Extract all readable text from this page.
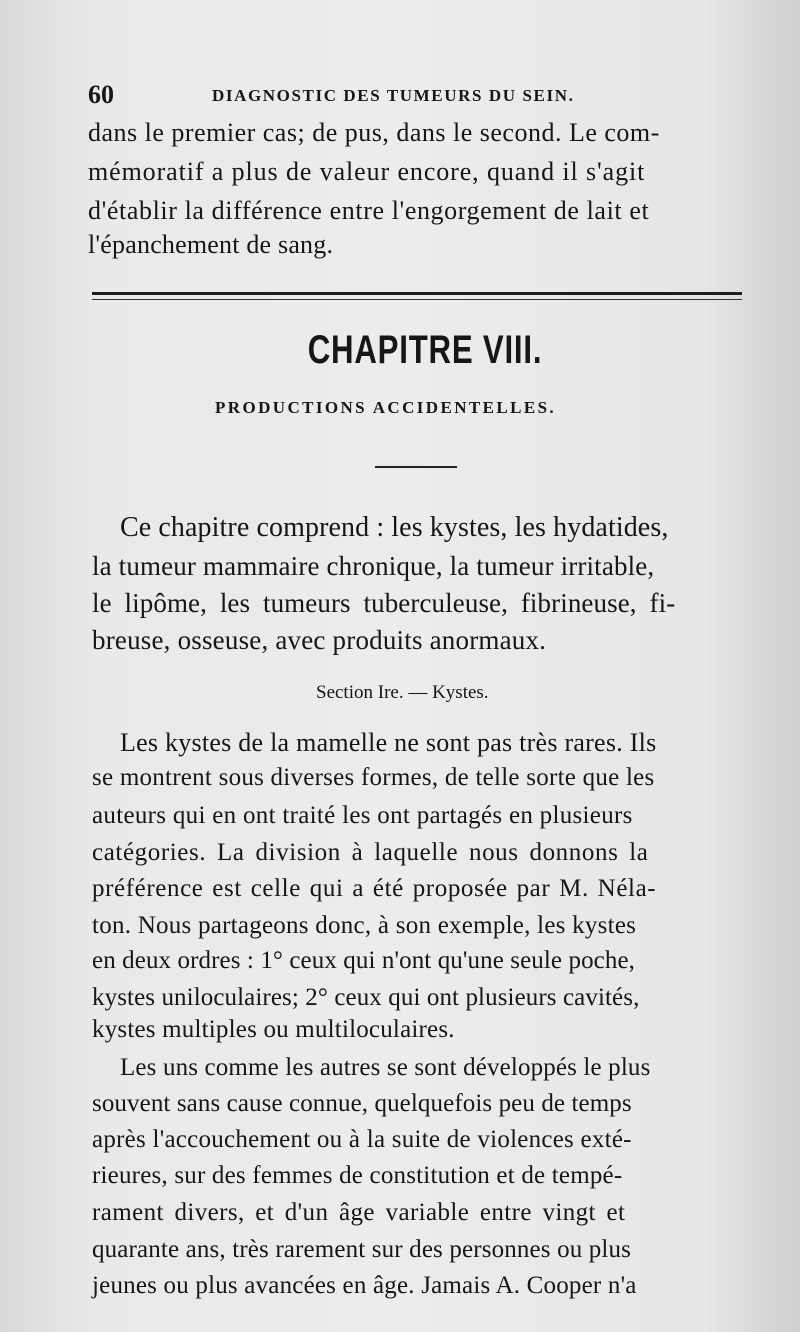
60	DIAGNOSTIC DES TUMEURS DU SEIN.
dans le premier cas; de pus, dans le second. Le com-
mémoratif a plus de valeur encore, quand il s'agit
d'établir la différence entre l'engorgement de lait et
l'épanchement de sang.
CHAPITRE VIII.
PRODUCTIONS ACCIDENTELLES.
Ce chapitre comprend : les kystes, les hydatides,
la tumeur mammaire chronique, la tumeur irritable,
le lipôme, les tumeurs tuberculeuse, fibrineuse, fi-
breuse, osseuse, avec produits anormaux.
Section Ire. — Kystes.
Les kystes de la mamelle ne sont pas très rares. Ils
se montrent sous diverses formes, de telle sorte que les
auteurs qui en ont traité les ont partagés en plusieurs
catégories. La division à laquelle nous donnons la
préférence est celle qui a été proposée par M. Néla-
ton. Nous partageons donc, à son exemple, les kystes
en deux ordres : 1° ceux qui n'ont qu'une seule poche,
kystes uniloculaires; 2° ceux qui ont plusieurs cavités,
kystes multiples ou multiloculaires.
Les uns comme les autres se sont développés le plus
souvent sans cause connue, quelquefois peu de temps
après l'accouchement ou à la suite de violences exté-
rieures, sur des femmes de constitution et de tempé-
rament divers, et d'un âge variable entre vingt et
quarante ans, très rarement sur des personnes ou plus
jeunes ou plus avancées en âge. Jamais A. Cooper n'a
